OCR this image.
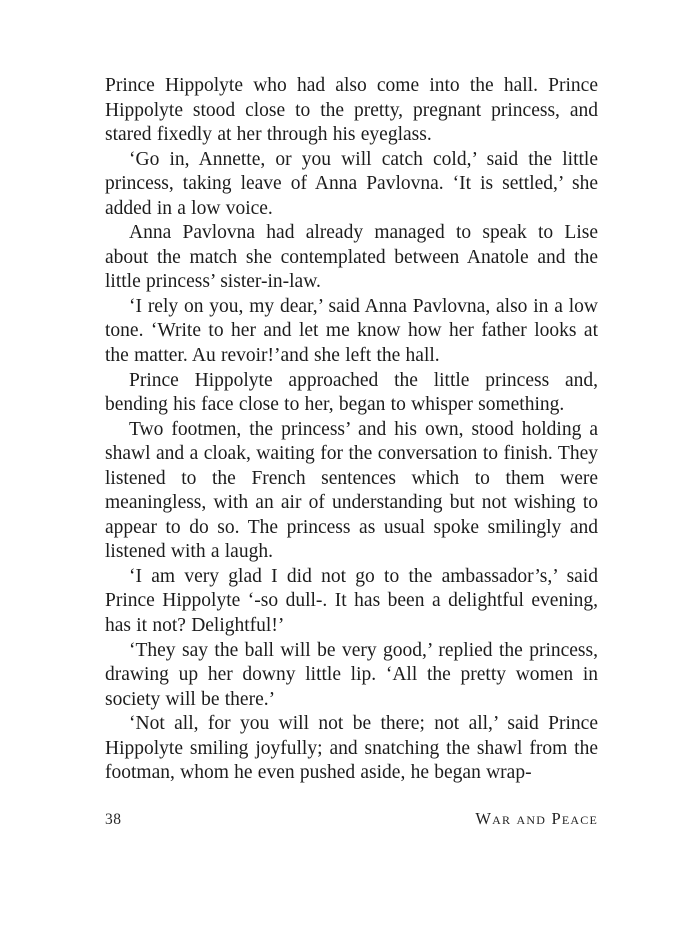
Prince Hippolyte who had also come into the hall. Prince Hippolyte stood close to the pretty, pregnant princess, and stared fixedly at her through his eyeglass.

‘Go in, Annette, or you will catch cold,’ said the little princess, taking leave of Anna Pavlovna. ‘It is settled,’ she added in a low voice.

Anna Pavlovna had already managed to speak to Lise about the match she contemplated between Anatole and the little princess’ sister-in-law.

‘I rely on you, my dear,’ said Anna Pavlovna, also in a low tone. ‘Write to her and let me know how her father looks at the matter. Au revoir!’and she left the hall.

Prince Hippolyte approached the little princess and, bending his face close to her, began to whisper something.

Two footmen, the princess’ and his own, stood holding a shawl and a cloak, waiting for the conversation to finish. They listened to the French sentences which to them were meaningless, with an air of understanding but not wishing to appear to do so. The princess as usual spoke smilingly and listened with a laugh.

‘I am very glad I did not go to the ambassador’s,’ said Prince Hippolyte ‘-so dull-. It has been a delightful evening, has it not? Delightful!’

‘They say the ball will be very good,’ replied the princess, drawing up her downy little lip. ‘All the pretty women in society will be there.’

‘Not all, for you will not be there; not all,’ said Prince Hippolyte smiling joyfully; and snatching the shawl from the footman, whom he even pushed aside, he began wrap-

38	War and Peace
